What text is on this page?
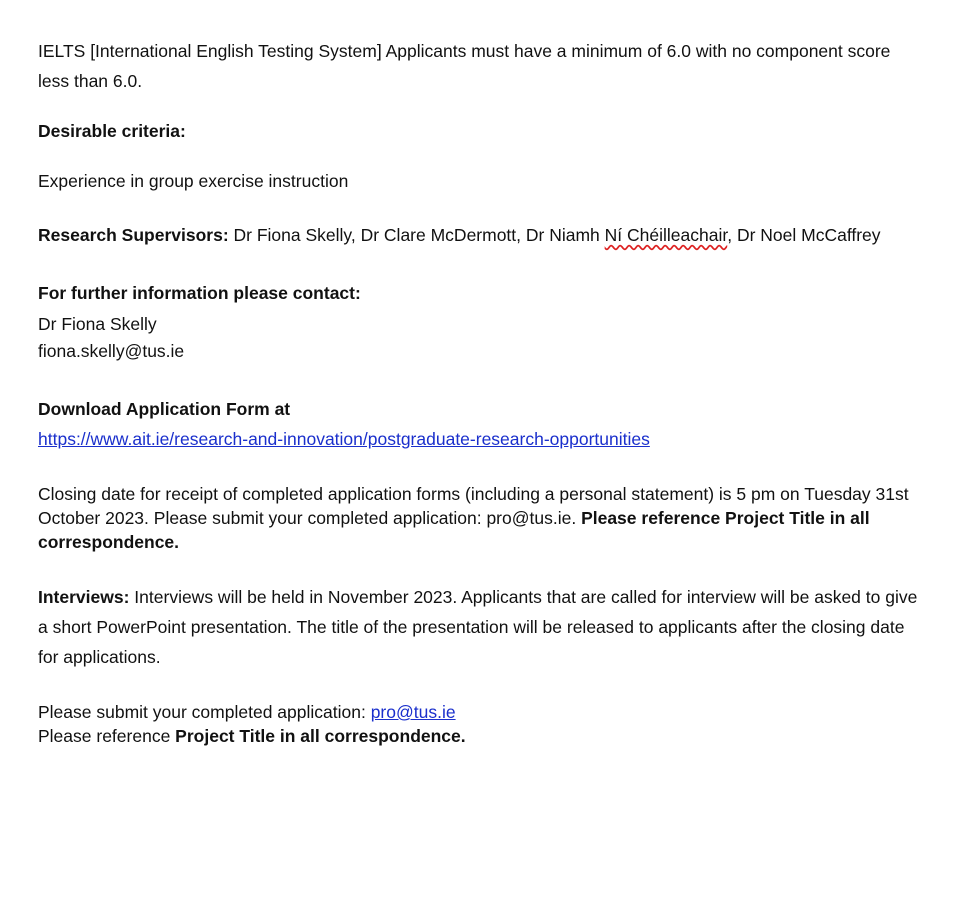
IELTS [International English Testing System] Applicants must have a minimum of 6.0 with no component score less than 6.0.

Desirable criteria:

Experience in group exercise instruction

Research Supervisors: Dr Fiona Skelly, Dr Clare McDermott, Dr Niamh Ní Chéilleachair, Dr Noel McCaffrey

For further information please contact:

Dr Fiona Skelly

fiona.skelly@tus.ie

Download Application Form at

https://www.ait.ie/research-and-innovation/postgraduate-research-opportunities

Closing date for receipt of completed application forms (including a personal statement) is 5 pm on Tuesday 31st October 2023. Please submit your completed application: pro@tus.ie. Please reference Project Title in all correspondence.

Interviews: Interviews will be held in November 2023. Applicants that are called for interview will be asked to give a short PowerPoint presentation. The title of the presentation will be released to applicants after the closing date for applications.

Please submit your completed application: pro@tus.ie

Please reference Project Title in all correspondence.
